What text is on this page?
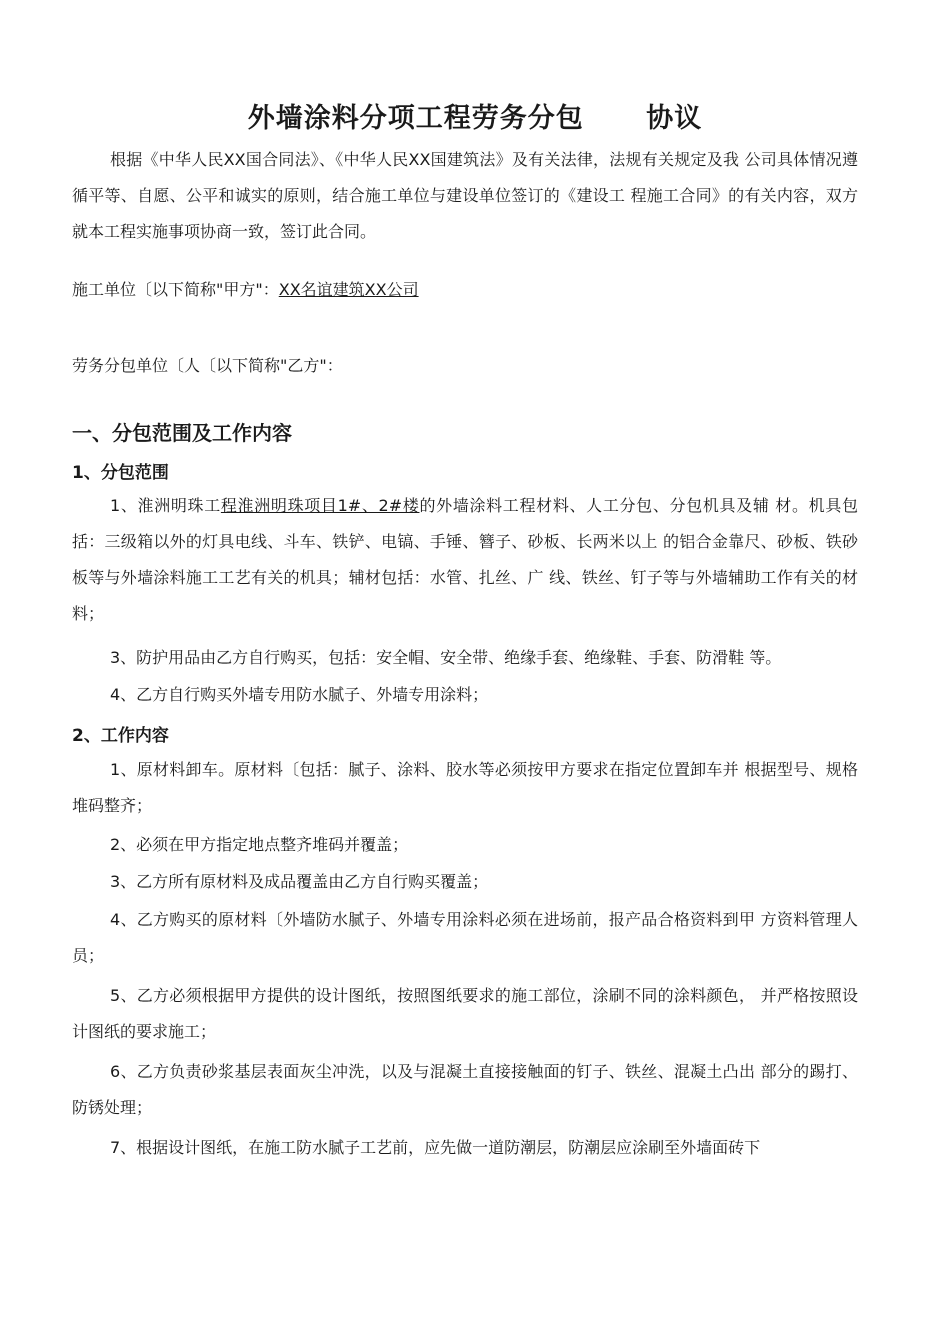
外墙涂料分项工程劳务分包      协议
根据《中华人民XX国合同法》、《中华人民XX国建筑法》及有关法律，法规有关规定及我 公司具体情况遵循平等、自愿、公平和诚实的原则，结合施工单位与建设单位签订的《建设工 程施工合同》的有关内容，双方就本工程实施事项协商一致，签订此合同。
施工单位〔以下简称"甲方"：XX名谊建筑XX公司
劳务分包单位〔人〔以下简称"乙方"：
一、分包范围及工作内容
1、分包范围
1、淮洲明珠工程淮洲明珠项目1#、2#楼的外墙涂料工程材料、人工分包、分包机具及辅 材。机具包括：三级箱以外的灯具电线、斗车、铁铲、电镐、手锤、簪子、砂板、长两米以上 的铝合金靠尺、砂板、铁砂板等与外墙涂料施工工艺有关的机具；辅材包括：水管、扎丝、广 线、铁丝、钉子等与外墙辅助工作有关的材料；
3、防护用品由乙方自行购买，包括：安全帽、安全带、绝缘手套、绝缘鞋、手套、防滑鞋 等。
4、乙方自行购买外墙专用防水腻子、外墙专用涂料；
2、工作内容
1、原材料卸车。原材料〔包括：腻子、涂料、胶水等必须按甲方要求在指定位置卸车并 根据型号、规格堆码整齐；
2、必须在甲方指定地点整齐堆码并覆盖；
3、乙方所有原材料及成品覆盖由乙方自行购买覆盖；
4、乙方购买的原材料〔外墙防水腻子、外墙专用涂料必须在进场前，报产品合格资料到甲 方资料管理人员；
5、乙方必须根据甲方提供的设计图纸，按照图纸要求的施工部位，涂刷不同的涂料颜色， 并严格按照设计图纸的要求施工；
6、乙方负责砂浆基层表面灰尘冲洗，以及与混凝土直接接触面的钉子、铁丝、混凝土凸出 部分的踢打、防锈处理；
7、根据设计图纸，在施工防水腻子工艺前，应先做一道防潮层，防潮层应涂刷至外墙面砖下
